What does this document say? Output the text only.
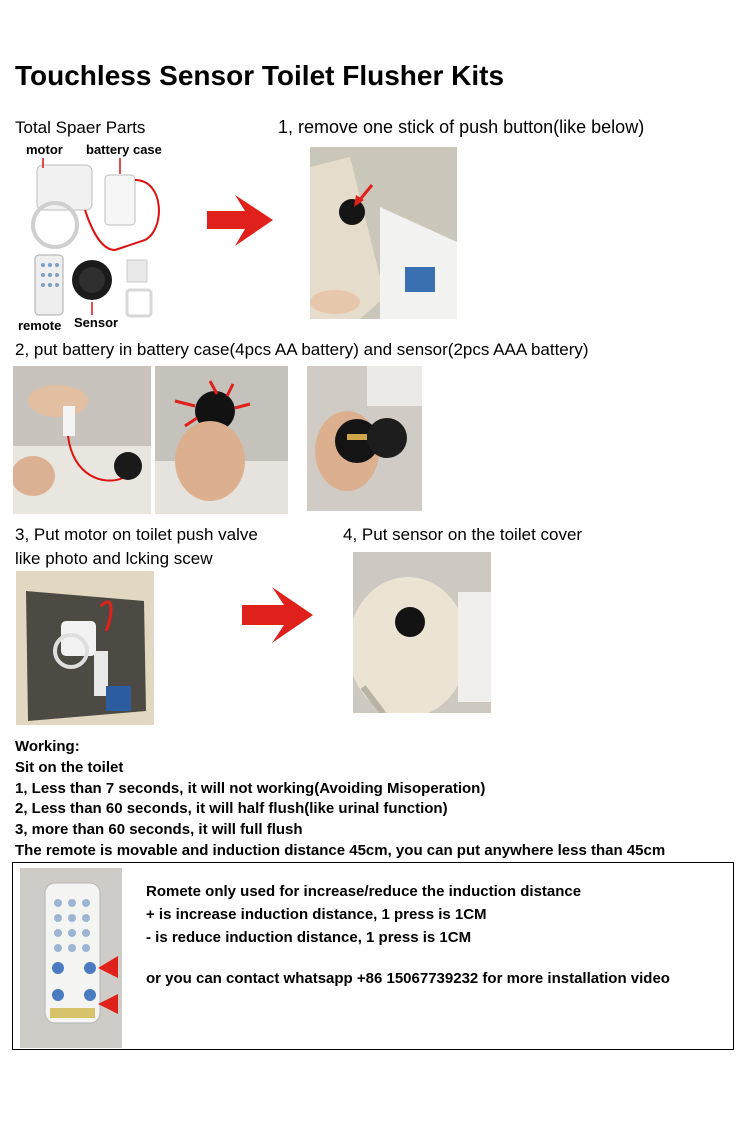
Touchless Sensor Toilet Flusher Kits
Total Spaer Parts
motor battery case
remote Sensor
1, remove one stick of push button(like below)
2, put battery in battery case(4pcs AA battery) and sensor(2pcs AAA battery)
3, Put motor on toilet push valve
like photo and lcking scew
4, Put sensor on the toilet cover
Working:
Sit on the toilet
1, Less than 7 seconds, it will not working(Avoiding Misoperation)
2, Less than 60 seconds, it will half flush(like urinal function)
3, more than 60 seconds, it will full flush
The remote is movable and induction distance 45cm, you can put anywhere less than 45cm
Romete only used for increase/reduce the induction distance
+ is increase induction distance, 1 press is 1CM
- is reduce induction distance, 1 press is 1CM
or you can contact whatsapp +86 15067739232 for more installation video
